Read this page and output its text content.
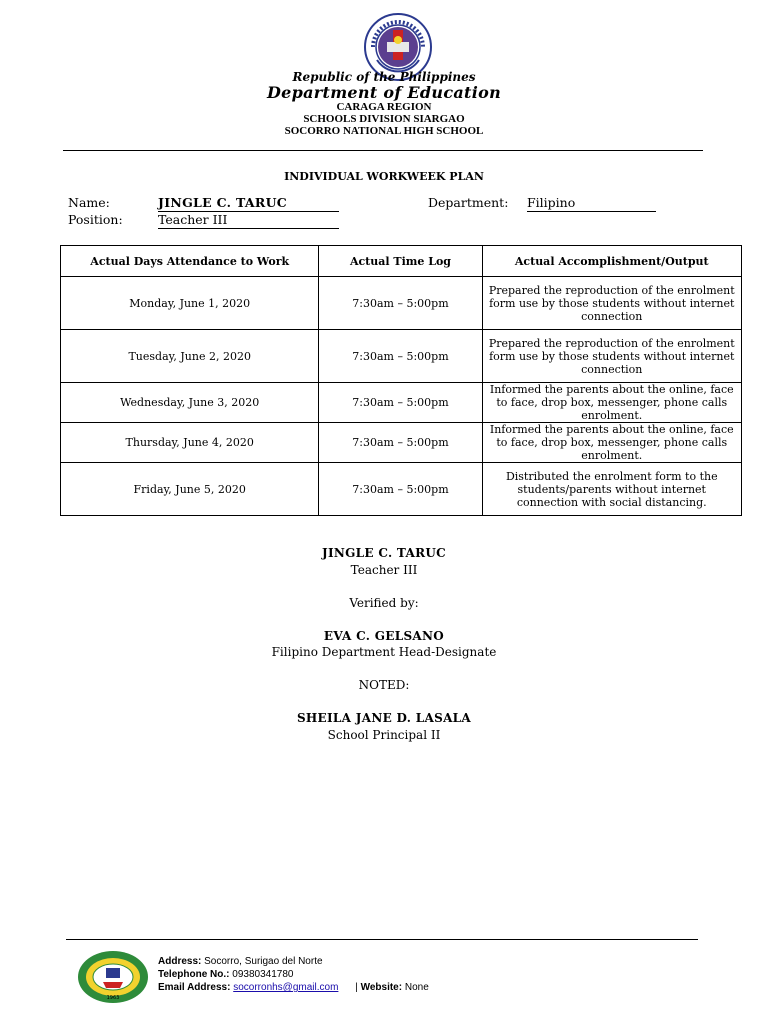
Republic of the Philippines
Department of Education
CARAGA REGION
SCHOOLS DIVISION SIARGAO
SOCORRO NATIONAL HIGH SCHOOL
INDIVIDUAL WORKWEEK PLAN
Name:	JINGLE C. TARUC	Department: Filipino
Position:	Teacher III
Actual Days Attendance to Work	Actual Time Log	Actual Accomplishment/Output
Monday, June 1, 2020	7:30am – 5:00pm	Prepared the reproduction of the enrolment form use by those students without internet connection
Tuesday, June 2, 2020	7:30am – 5:00pm	Prepared the reproduction of the enrolment form use by those students without internet connection
Wednesday, June 3, 2020	7:30am – 5:00pm	Informed the parents about the online, face to face, drop box, messenger, phone calls enrolment.
Thursday, June 4, 2020	7:30am – 5:00pm	Informed the parents about the online, face to face, drop box, messenger, phone calls enrolment.
Friday, June 5, 2020	7:30am – 5:00pm	Distributed the enrolment form to the students/parents without internet connection with social distancing.
JINGLE C. TARUC
Teacher III
Verified by:
EVA C. GELSANO
Filipino Department Head-Designate
NOTED:
SHEILA JANE D. LASALA
School Principal II
1963
Address: Socorro, Surigao del Norte
Telephone No.: 09380341780
Email Address: socorronhs@gmail.com | Website: None
